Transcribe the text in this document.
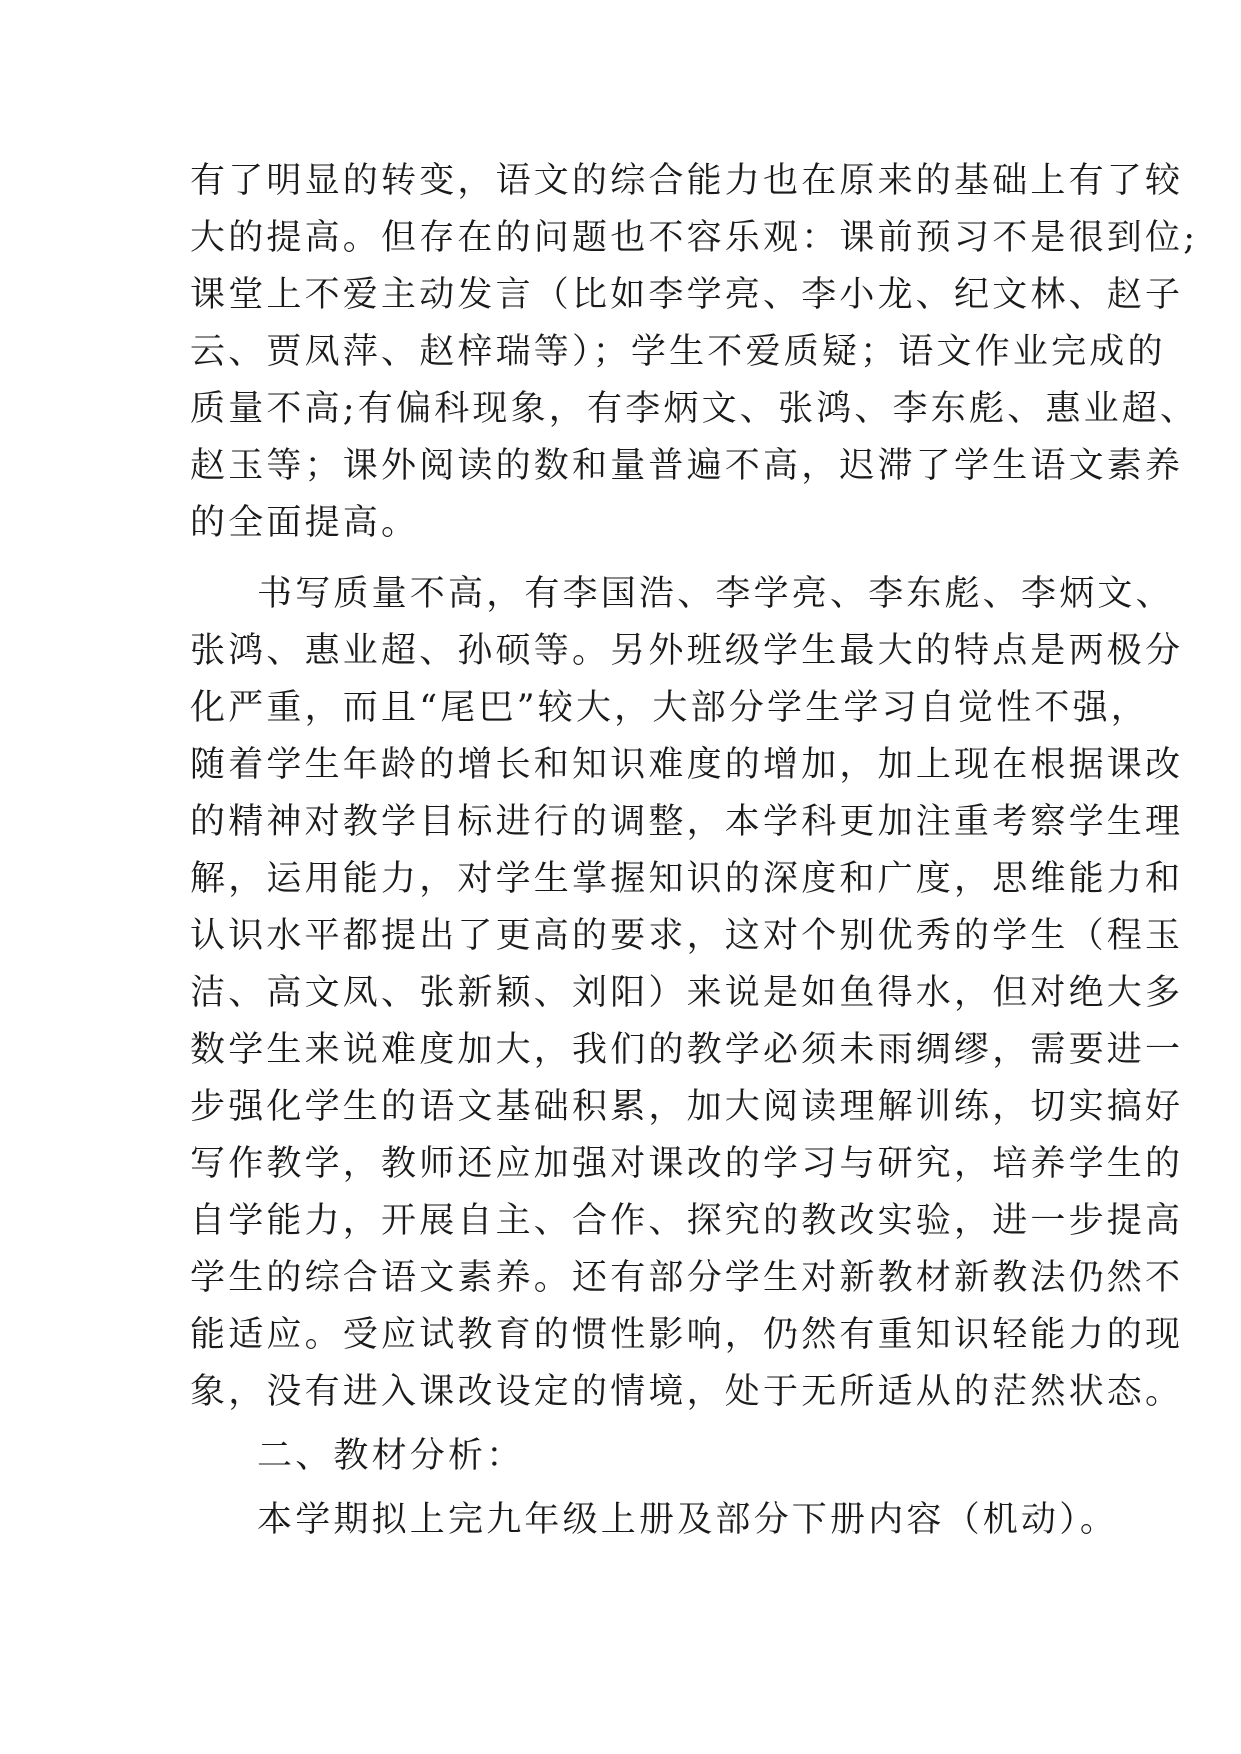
有了明显的转变，语文的综合能力也在原来的基础上有了较
大的提高。但存在的问题也不容乐观：课前预习不是很到位;
课堂上不爱主动发言（比如李学亮、李小龙、纪文林、赵子
云、贾凤萍、赵梓瑞等）；学生不爱质疑；语文作业完成的
质量不高;有偏科现象，有李炳文、张鸿、李东彪、惠业超、
赵玉等；课外阅读的数和量普遍不高，迟滞了学生语文素养
的全面提高。
书写质量不高，有李国浩、李学亮、李东彪、李炳文、
张鸿、惠业超、孙硕等。另外班级学生最大的特点是两极分
化严重，而且“尾巴”较大，大部分学生学习自觉性不强，
随着学生年龄的增长和知识难度的增加，加上现在根据课改
的精神对教学目标进行的调整，本学科更加注重考察学生理
解，运用能力，对学生掌握知识的深度和广度，思维能力和
认识水平都提出了更高的要求，这对个别优秀的学生（程玉
洁、高文凤、张新颖、刘阳）来说是如鱼得水，但对绝大多
数学生来说难度加大，我们的教学必须未雨绸缪，需要进一
步强化学生的语文基础积累，加大阅读理解训练，切实搞好
写作教学，教师还应加强对课改的学习与研究，培养学生的
自学能力，开展自主、合作、探究的教改实验，进一步提高
学生的综合语文素养。还有部分学生对新教材新教法仍然不
能适应。受应试教育的惯性影响，仍然有重知识轻能力的现
象，没有进入课改设定的情境，处于无所适从的茫然状态。
二、教材分析：
本学期拟上完九年级上册及部分下册内容（机动）。
